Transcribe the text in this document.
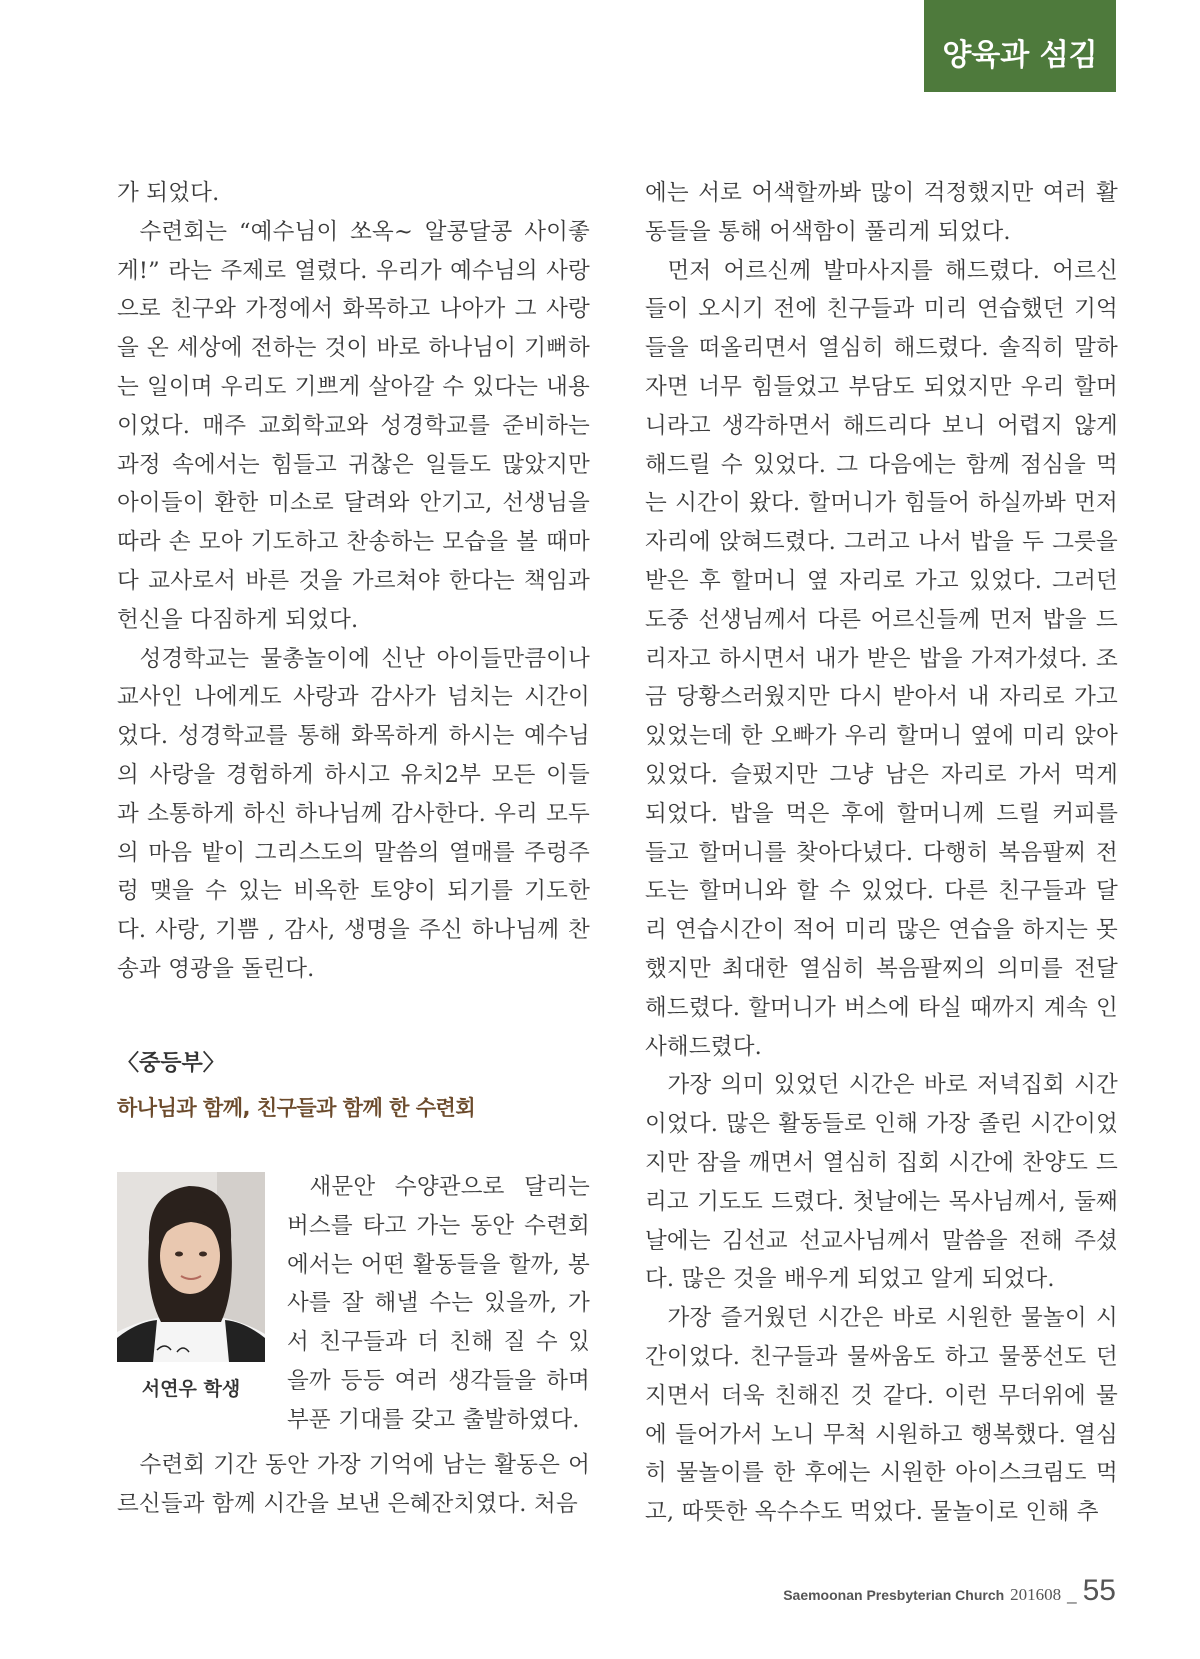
양육과 섬김

가 되었다.

수련회는 “예수님이 쏘옥~ 알콩달콩 사이좋게!” 라는 주제로 열렸다. 우리가 예수님의 사랑으로 친구와 가정에서 화목하고 나아가 그 사랑을 온 세상에 전하는 것이 바로 하나님이 기뻐하는 일이며 우리도 기쁘게 살아갈 수 있다는 내용이었다. 매주 교회학교와 성경학교를 준비하는 과정 속에서는 힘들고 귀찮은 일들도 많았지만 아이들이 환한 미소로 달려와 안기고, 선생님을 따라 손 모아 기도하고 찬송하는 모습을 볼 때마다 교사로서 바른 것을 가르쳐야 한다는 책임과 헌신을 다짐하게 되었다.

성경학교는 물총놀이에 신난 아이들만큼이나 교사인 나에게도 사랑과 감사가 넘치는 시간이었다. 성경학교를 통해 화목하게 하시는 예수님의 사랑을 경험하게 하시고 유치2부 모든 이들과 소통하게 하신 하나님께 감사한다. 우리 모두의 마음 밭이 그리스도의 말씀의 열매를 주렁주렁 맺을 수 있는 비옥한 토양이 되기를 기도한다. 사랑, 기쁨 , 감사, 생명을 주신 하나님께 찬송과 영광을 돌린다.

〈중등부〉
하나님과 함께, 친구들과 함께 한 수련회
서연우 학생

새문안 수양관으로 달리는 버스를 타고 가는 동안 수련회에서는 어떤 활동들을 할까, 봉사를 잘 해낼 수는 있을까, 가서 친구들과 더 친해 질 수 있을까 등등 여러 생각들을 하며 부푼 기대를 갖고 출발하였다.

수련회 기간 동안 가장 기억에 남는 활동은 어르신들과 함께 시간을 보낸 은혜잔치였다. 처음

에는 서로 어색할까봐 많이 걱정했지만 여러 활동들을 통해 어색함이 풀리게 되었다.

먼저 어르신께 발마사지를 해드렸다. 어르신들이 오시기 전에 친구들과 미리 연습했던 기억들을 떠올리면서 열심히 해드렸다. 솔직히 말하자면 너무 힘들었고 부담도 되었지만 우리 할머니라고 생각하면서 해드리다 보니 어렵지 않게 해드릴 수 있었다. 그 다음에는 함께 점심을 먹는 시간이 왔다. 할머니가 힘들어 하실까봐 먼저 자리에 앉혀드렸다. 그러고 나서 밥을 두 그릇을 받은 후 할머니 옆 자리로 가고 있었다. 그러던 도중 선생님께서 다른 어르신들께 먼저 밥을 드리자고 하시면서 내가 받은 밥을 가져가셨다. 조금 당황스러웠지만 다시 받아서 내 자리로 가고 있었는데 한 오빠가 우리 할머니 옆에 미리 앉아 있었다. 슬펐지만 그냥 남은 자리로 가서 먹게 되었다. 밥을 먹은 후에 할머니께 드릴 커피를 들고 할머니를 찾아다녔다. 다행히 복음팔찌 전도는 할머니와 할 수 있었다. 다른 친구들과 달리 연습시간이 적어 미리 많은 연습을 하지는 못했지만 최대한 열심히 복음팔찌의 의미를 전달해드렸다. 할머니가 버스에 타실 때까지 계속 인사해드렸다.

가장 의미 있었던 시간은 바로 저녁집회 시간이었다. 많은 활동들로 인해 가장 졸린 시간이었지만 잠을 깨면서 열심히 집회 시간에 찬양도 드리고 기도도 드렸다. 첫날에는 목사님께서, 둘째 날에는 김선교 선교사님께서 말씀을 전해 주셨다. 많은 것을 배우게 되었고 알게 되었다.

가장 즐거웠던 시간은 바로 시원한 물놀이 시간이었다. 친구들과 물싸움도 하고 물풍선도 던지면서 더욱 친해진 것 같다. 이런 무더위에 물에 들어가서 노니 무척 시원하고 행복했다. 열심히 물놀이를 한 후에는 시원한 아이스크림도 먹고, 따뜻한 옥수수도 먹었다. 물놀이로 인해 추

Saemoonan Presbyterian Church 201608 _ 55
